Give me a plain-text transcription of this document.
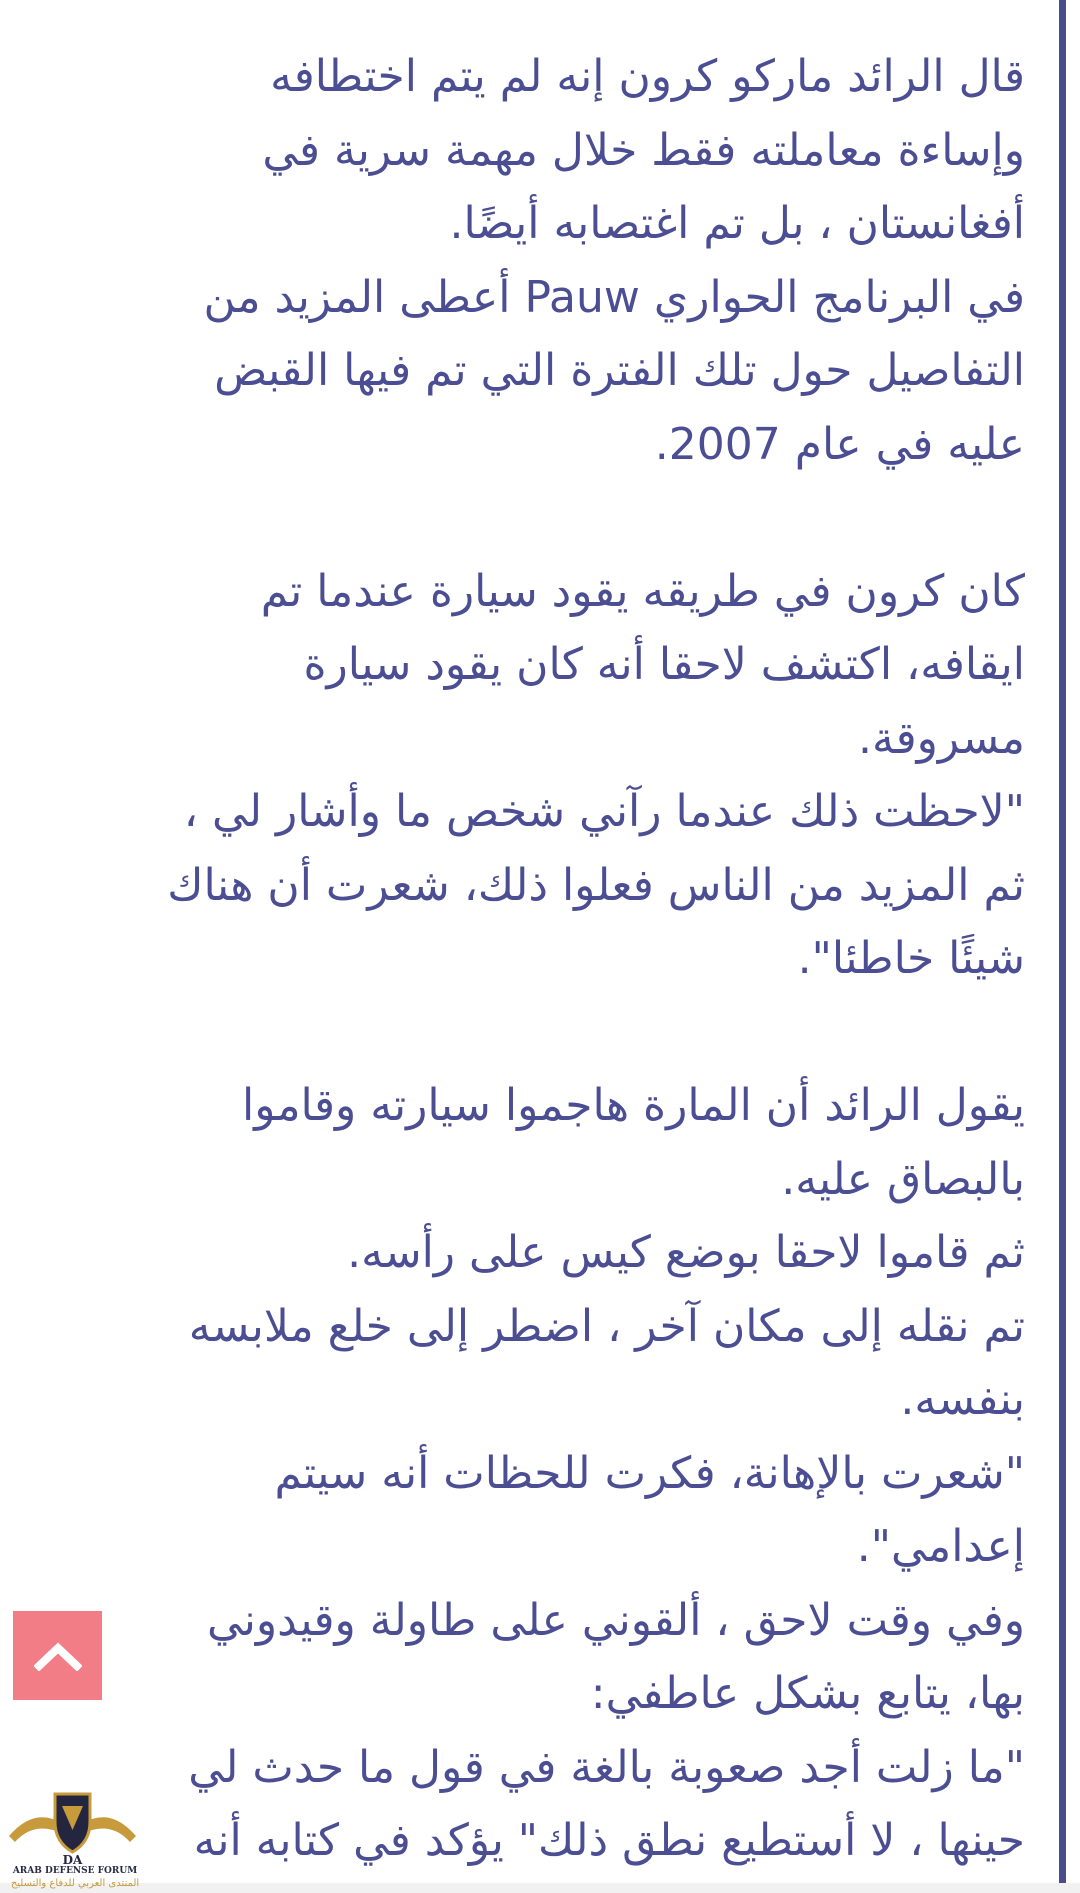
قال الرائد ماركو كرون إنه لم يتم اختطافه
وإساءة معاملته فقط خلال مهمة سرية في
أفغانستان ، بل تم اغتصابه أيضًا.
في البرنامج الحواري Pauw أعطى المزيد من
التفاصيل حول تلك الفترة التي تم فيها القبض
عليه في عام 2007.

كان كرون في طريقه يقود سيارة عندما تم
ايقافه، اكتشف لاحقا أنه كان يقود سيارة
مسروقة.
"لاحظت ذلك عندما رآني شخص ما وأشار لي ،
ثم المزيد من الناس فعلوا ذلك، شعرت أن هناك
شيئًا خاطئا".

يقول الرائد أن المارة هاجموا سيارته وقاموا
بالبصاق عليه.
ثم قاموا لاحقا بوضع كيس على رأسه.
تم نقله إلى مكان آخر ، اضطر إلى خلع ملابسه
بنفسه.
"شعرت بالإهانة، فكرت للحظات أنه سيتم
إعدامي".
وفي وقت لاحق ، ألقوني على طاولة وقيدوني
بها، يتابع بشكل عاطفي:
"ما زلت أجد صعوبة بالغة في قول ما حدث لي
حينها ، لا أستطيع نطق ذلك" يؤكد في كتابه أنه

DA
ARAB DEFENSE FORUM
المنتدى العربي للدفاع والتسليح
